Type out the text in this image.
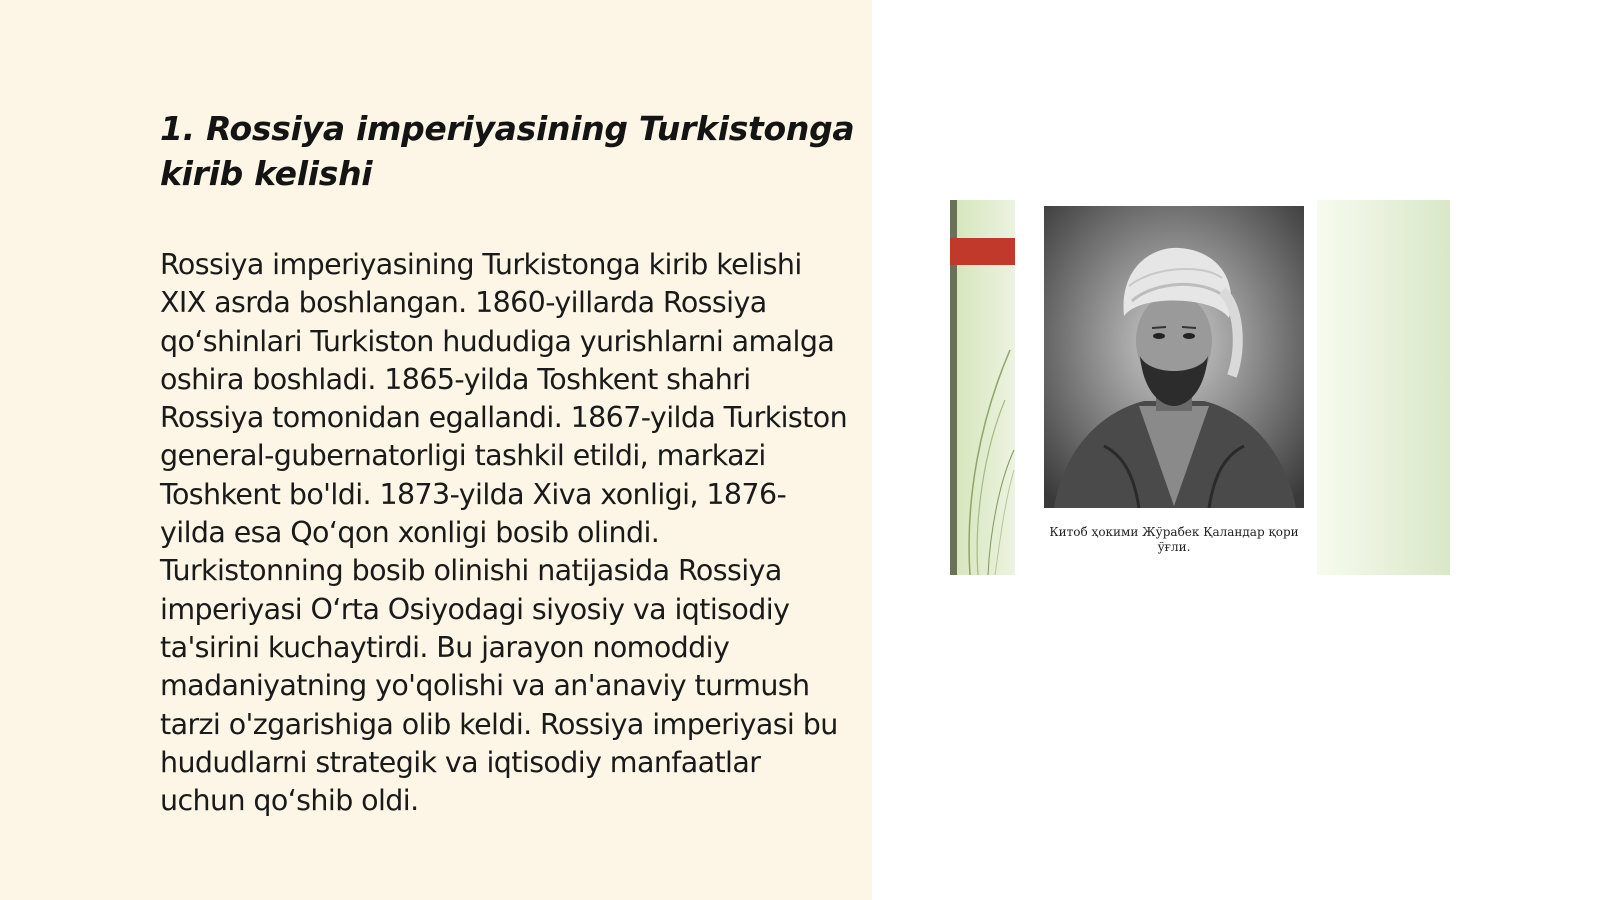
1. Rossiya imperiyasining Turkistonga kirib kelishi

Rossiya imperiyasining Turkistonga kirib kelishi XIX asrda boshlangan. 1860-yillarda Rossiya qo‘shinlari Turkiston hududiga yurishlarni amalga oshira boshladi. 1865-yilda Toshkent shahri Rossiya tomonidan egallandi. 1867-yilda Turkiston general-gubernatorligi tashkil etildi, markazi Toshkent bo'ldi. 1873-yilda Xiva xonligi, 1876-yilda esa Qo‘qon xonligi bosib olindi. Turkistonning bosib olinishi natijasida Rossiya imperiyasi O‘rta Osiyodagi siyosiy va iqtisodiy ta'sirini kuchaytirdi. Bu jarayon nomoddiy madaniyatning yo'qolishi va an'anaviy turmush tarzi o'zgarishiga olib keldi. Rossiya imperiyasi bu hududlarni strategik va iqtisodiy manfaatlar uchun qo‘shib oldi.

Китоб ҳокими Жўрабек Қаландар қори ўғли.
